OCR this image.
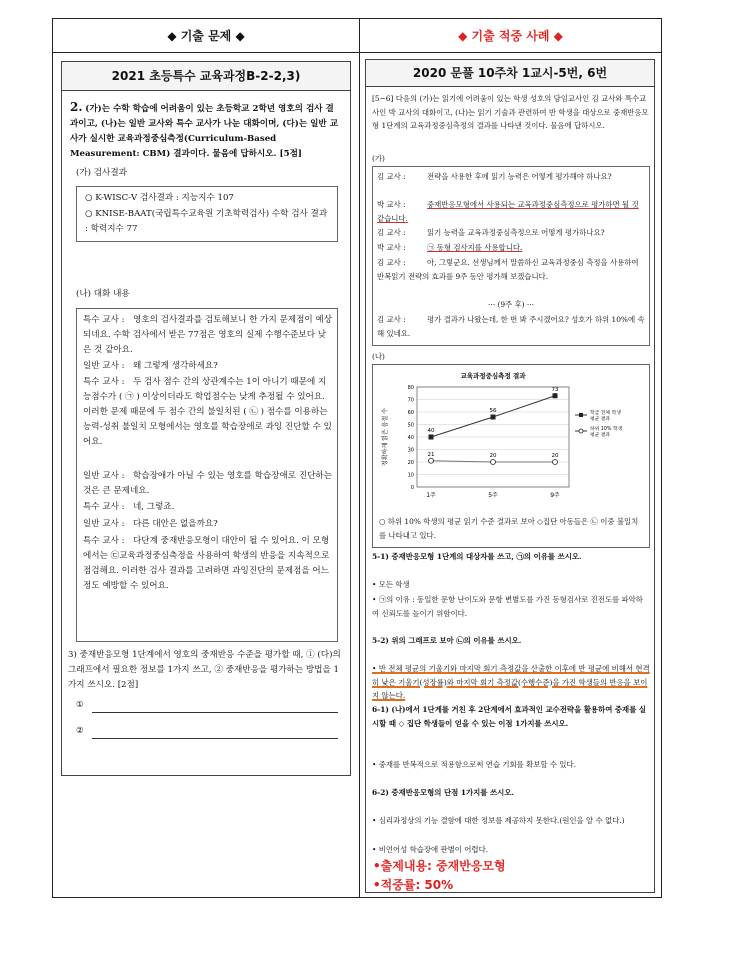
◆ 기출 문제 ◆	◆ 기출 적중 사례 ◆
2021 초등특수 교육과정B-2-2,3)
2. (가)는 수학 학습에 어려움이 있는 초등학교 2학년 영호의 검사 결과이고, (나)는 일반 교사와 특수 교사가 나눈 대화이며, (다)는 일반 교사가 실시한 교육과정중심측정(Curriculum-Based Measurement: CBM) 결과이다. 물음에 답하시오. [5점]
(가) 검사결과
○ K-WISC-Ⅴ 검사결과 : 지능지수 107
○ KNISE-BAAT(국립특수교육원 기초학력검사) 수학 검사 결과 : 학력지수 77
(나) 대화 내용
특수 교사 : 영호의 검사결과를 검토해보니 한 가지 문제점이 예상되네요. 수학 검사에서 받은 77점은 영호의 실제 수행수준보다 낮은 것 같아요.
일반 교사 : 왜 그렇게 생각하세요?
특수 교사 : 두 검사 점수 간의 상관계수는 1이 아니기 때문에 지능점수가 ( ㉠ ) 이상이더라도 학업점수는 낮게 추정될 수 있어요. 이러한 문제 때문에 두 점수 간의 불일치된 ( ㉡ ) 점수를 이용하는 능력-성취 불일치 모형에서는 영호를 학습장애로 과잉 진단할 수 있어요.
일반 교사 : 학습장애가 아닐 수 있는 영호를 학습장애로 진단하는 것은 큰 문제네요.
특수 교사 : 네, 그렇죠.
일반 교사 : 다른 대안은 없을까요?
특수 교사 : 다단계 중재반응모형이 대안이 될 수 있어요. 이 모형에서는 ㉢교육과정중심측정을 사용하여 학생의 반응을 지속적으로 점검해요. 이러한 검사 결과를 고려하면 과잉진단의 문제점을 어느 정도 예방할 수 있어요.
3) 중재반응모형 1단계에서 영호의 중재반응 수준을 평가할 때, ① (다)의 그래프에서 필요한 정보를 1가지 쓰고, ② 중재반응을 평가하는 방법을 1가지 쓰시오. [2점]
①
②
2020 문풀 10주차 1교시-5번, 6번
[5~6] 다음의 (가)는 읽기에 어려움이 있는 학생 성호의 담임교사인 김 교사와 특수교사인 박 교사의 대화이고, (나)는 읽기 기술과 관련하여 반 학생을 대상으로 중재반응모형 1단계의 교육과정중심측정의 결과를 나타낸 것이다. 물음에 답하시오.
(가)
김 교사 :	전략을 사용한 후에 읽기 능력은 어떻게 평가해야 하나요?
박 교사 :	중재반응모형에서 사용되는 교육과정중심측정으로 평가하면 될 것 같습니다.
김 교사 :	읽기 능력을 교육과정중심측정으로 어떻게 평가하나요?
박 교사 :	㉠ 동형 검사지를 사용합니다.
김 교사 :	아, 그렇군요. 선생님께서 말씀하신 교육과정중심 측정을 사용하여 반복읽기 전략의 효과를 9주 동안 평가해 보겠습니다.
··· (9주 후) ···
김 교사 :	평가 결과가 나왔는데, 한 번 봐 주시겠어요? 성호가 하위 10%에 속해 있네요.
(나)
교육과정중심측정 결과
0
10
20
30
40
50
60
70
80
1주	5주	9주
정확하게 읽은 음절 수	40
56
73
학급 전체 학생
평균 결과
21	20	20
하위 10% 학생
평균 결과
○ 하위 10% 학생의 평균 읽기 수준 결과로 보아 ◇집단 아동들은 ㉡ 이중 불일치를 나타내고 있다.
5-1) 중재반응모형 1단계의 대상자를 쓰고, ㉠의 이유를 쓰시오.
• 모든 학생
• ㉠의 이유 : 동일한 문항 난이도와 문항 변별도를 가진 동형검사로 진전도를 파악하여 신뢰도를 높이기 위함이다.
5-2) 위의 그래프로 보아 ㉡의 이유를 쓰시오.
• 반 전체 평균의 기울기와 마지막 회기 측정값을 산출한 이후에 반 평균에 비해서 현격히 낮은 기울기(성장률)와 마지막 회기 측정값(수행수준)을 가진 학생들의 반응을 보이지 않는다.
6-1) (나)에서 1단계를 거친 후 2단계에서 효과적인 교수전략을 활용하여 중재를 실시할 때 ◇ 집단 학생들이 얻을 수 있는 이점 1가지를 쓰시오.
• 중재를 반복적으로 적용함으로써 연습 기회를 확보할 수 있다.
6-2) 중재반응모형의 단점 1가지를 쓰시오.
• 심리과정상의 기능 결함에 대한 정보를 제공하지 못한다.(원인을 알 수 없다.)
• 비언어성 학습장애 판별이 어렵다.
•출제내용: 중재반응모형
•적중률: 50%
